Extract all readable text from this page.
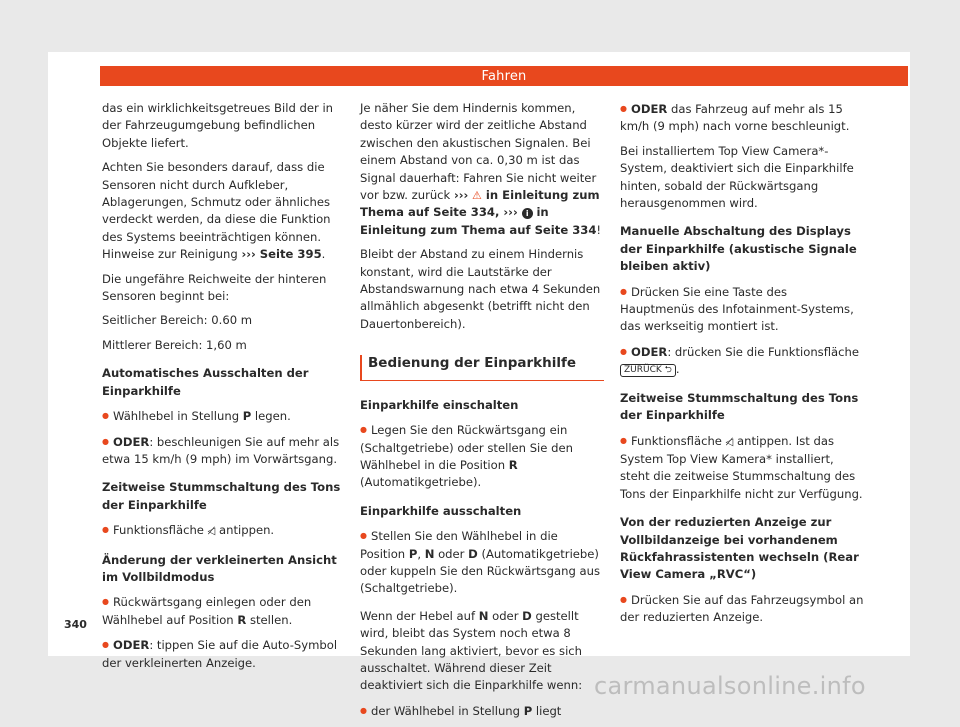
Fahren

das ein wirklichkeitsgetreues Bild der in der Fahrzeugumgebung befindlichen Objekte liefert.

Achten Sie besonders darauf, dass die Sensoren nicht durch Aufkleber, Ablagerungen, Schmutz oder ähnliches verdeckt werden, da diese die Funktion des Systems beeinträchtigen können. Hinweise zur Reinigung ››› Seite 395.

Die ungefähre Reichweite der hinteren Sensoren beginnt bei:

Seitlicher Bereich: 0.60 m

Mittlerer Bereich: 1,60 m

Automatisches Ausschalten der Einparkhilfe

● Wählhebel in Stellung P legen.

● ODER: beschleunigen Sie auf mehr als etwa 15 km/h (9 mph) im Vorwärtsgang.

Zeitweise Stummschaltung des Tons der Einparkhilfe

● Funktionsfläche ◁̸ antippen.

Änderung der verkleinerten Ansicht im Vollbildmodus

● Rückwärtsgang einlegen oder den Wählhebel auf Position R stellen.

● ODER: tippen Sie auf die Auto-Symbol der verkleinerten Anzeige.

Je näher Sie dem Hindernis kommen, desto kürzer wird der zeitliche Abstand zwischen den akustischen Signalen. Bei einem Abstand von ca. 0,30 m ist das Signal dauerhaft: Fahren Sie nicht weiter vor bzw. zurück ››› ⚠ in Einleitung zum Thema auf Seite 334, ››› i in Einleitung zum Thema auf Seite 334!

Bleibt der Abstand zu einem Hindernis konstant, wird die Lautstärke der Abstandswarnung nach etwa 4 Sekunden allmählich abgesenkt (betrifft nicht den Dauertonbereich).

Bedienung der Einparkhilfe

Einparkhilfe einschalten

● Legen Sie den Rückwärtsgang ein (Schaltgetriebe) oder stellen Sie den Wählhebel in die Position R (Automatikgetriebe).

Einparkhilfe ausschalten

● Stellen Sie den Wählhebel in die Position P, N oder D (Automatikgetriebe) oder kuppeln Sie den Rückwärtsgang aus (Schaltgetriebe).

Wenn der Hebel auf N oder D gestellt wird, bleibt das System noch etwa 8 Sekunden lang aktiviert, bevor es sich ausschaltet. Während dieser Zeit deaktiviert sich die Einparkhilfe wenn:

● der Wählhebel in Stellung P liegt

● ODER das Fahrzeug auf mehr als 15 km/h (9 mph) nach vorne beschleunigt.

Bei installiertem Top View Camera*-System, deaktiviert sich die Einparkhilfe hinten, sobald der Rückwärtsgang herausgenommen wird.

Manuelle Abschaltung des Displays der Einparkhilfe (akustische Signale bleiben aktiv)

● Drücken Sie eine Taste des Hauptmenüs des Infotainment-Systems, das werkseitig montiert ist.

● ODER: drücken Sie die Funktionsfläche
ZURÜCK ⮌ .

Zeitweise Stummschaltung des Tons der Einparkhilfe

● Funktionsfläche ◁̸ antippen. Ist das System Top View Kamera* installiert, steht die zeitweise Stummschaltung des Tons der Einparkhilfe nicht zur Verfügung.

Von der reduzierten Anzeige zur Vollbildanzeige bei vorhandenem Rückfahrassistenten wechseln (Rear View Camera „RVC“)

● Drücken Sie auf das Fahrzeugsymbol an der reduzierten Anzeige.

340
carmanualsonline.info
